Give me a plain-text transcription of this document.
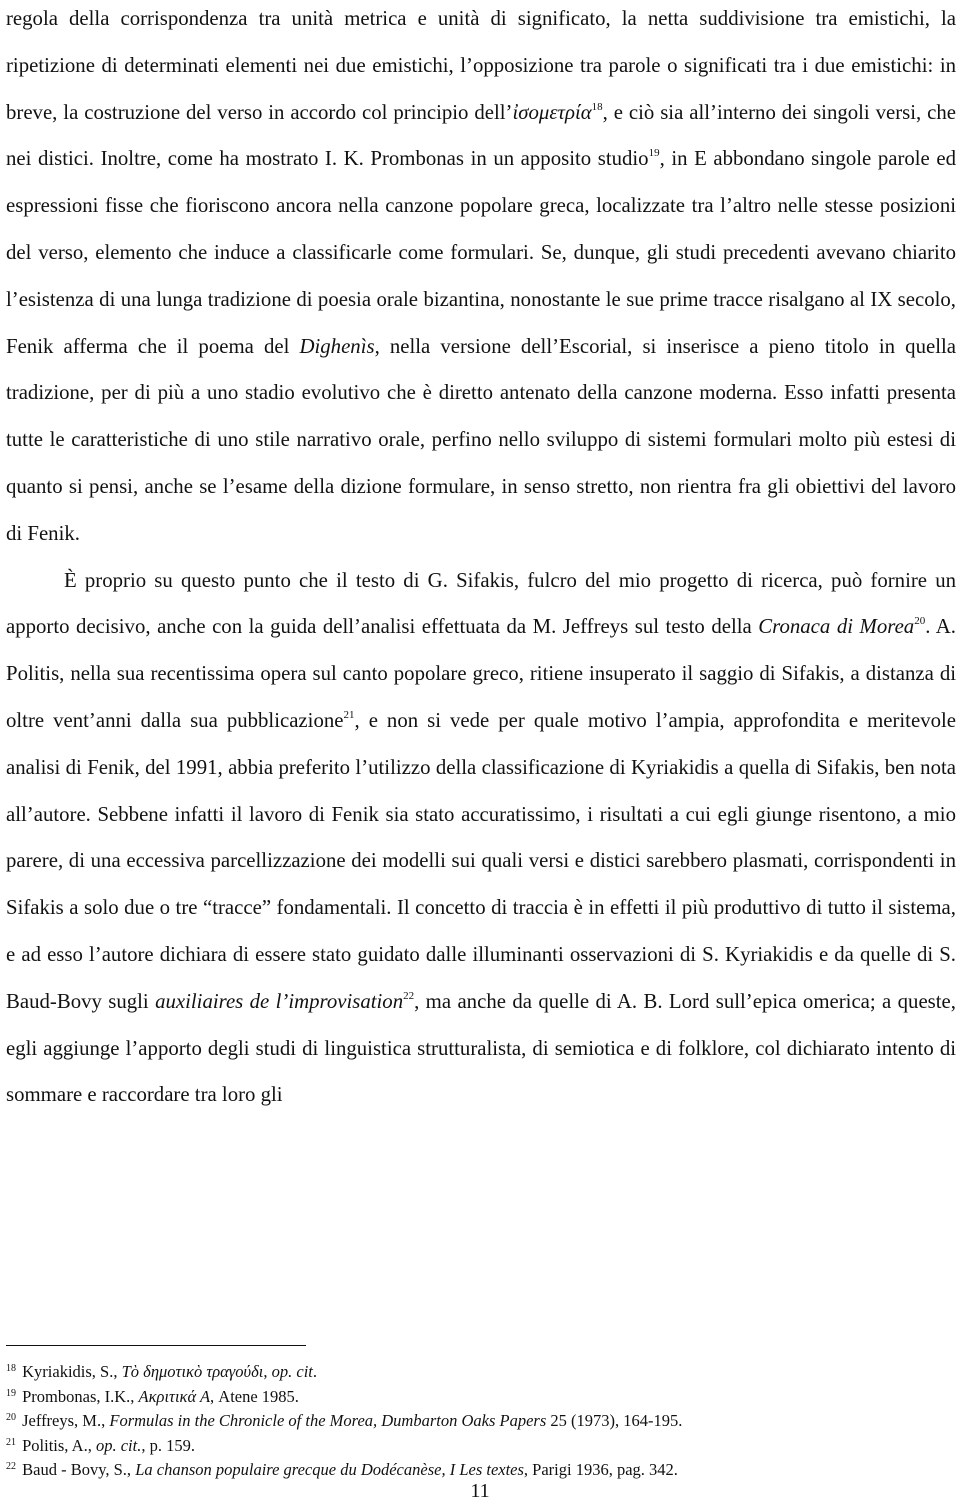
regola della corrispondenza tra unità metrica e unità di significato, la netta suddivisione tra emistichi, la ripetizione di determinati elementi nei due emistichi, l’opposizione tra parole o significati tra i due emistichi: in breve, la costruzione del verso in accordo col principio dell’ἰσομετρία$^{18}$, e ciò sia all’interno dei singoli versi, che nei distici. Inoltre, come ha mostrato I. K. Prombonas in un apposito studio$^{19}$, in E abbondano singole parole ed espressioni fisse che fioriscono ancora nella canzone popolare greca, localizzate tra l’altro nelle stesse posizioni del verso, elemento che induce a classificarle come formulari. Se, dunque, gli studi precedenti avevano chiarito l’esistenza di una lunga tradizione di poesia orale bizantina, nonostante le sue prime tracce risalgano al IX secolo, Fenik afferma che il poema del Dighenìs, nella versione dell’Escorial, si inserisce a pieno titolo in quella tradizione, per di più a uno stadio evolutivo che è diretto antenato della canzone moderna. Esso infatti presenta tutte le caratteristiche di uno stile narrativo orale, perfino nello sviluppo di sistemi formulari molto più estesi di quanto si pensi, anche se l’esame della dizione formulare, in senso stretto, non rientra fra gli obiettivi del lavoro di Fenik.

È proprio su questo punto che il testo di G. Sifakis, fulcro del mio progetto di ricerca, può fornire un apporto decisivo, anche con la guida dell’analisi effettuata da M. Jeffreys sul testo della Cronaca di Morea$^{20}$. A. Politis, nella sua recentissima opera sul canto popolare greco, ritiene insuperato il saggio di Sifakis, a distanza di oltre vent’anni dalla sua pubblicazione$^{21}$, e non si vede per quale motivo l’ampia, approfondita e meritevole analisi di Fenik, del 1991, abbia preferito l’utilizzo della classificazione di Kyriakidis a quella di Sifakis, ben nota all’autore. Sebbene infatti il lavoro di Fenik sia stato accuratissimo, i risultati a cui egli giunge risentono, a mio parere, di una eccessiva parcellizzazione dei modelli sui quali versi e distici sarebbero plasmati, corrispondenti in Sifakis a solo due o tre “tracce” fondamentali. Il concetto di traccia è in effetti il più produttivo di tutto il sistema, e ad esso l’autore dichiara di essere stato guidato dalle illuminanti osservazioni di S. Kyriakidis e da quelle di S. Baud-Bovy sugli auxiliaires de l’improvisation$^{22}$, ma anche da quelle di A. B. Lord sull’epica omerica; a queste, egli aggiunge l’apporto degli studi di linguistica strutturalista, di semiotica e di folklore, col dichiarato intento di sommare e raccordare tra loro gli

$^{18}$ Kyriakidis, S., Τὸ δημοτικὸ τραγούδι, op. cit.
$^{19}$ Prombonas, I.K., Ακριτικά Α, Atene 1985.
$^{20}$ Jeffreys, M., Formulas in the Chronicle of the Morea, Dumbarton Oaks Papers 25 (1973), 164-195.
$^{21}$ Politis, A., op. cit., p. 159.
$^{22}$ Baud - Bovy, S., La chanson populaire grecque du Dodécanèse, I Les textes, Parigi 1936, pag. 342.
11
